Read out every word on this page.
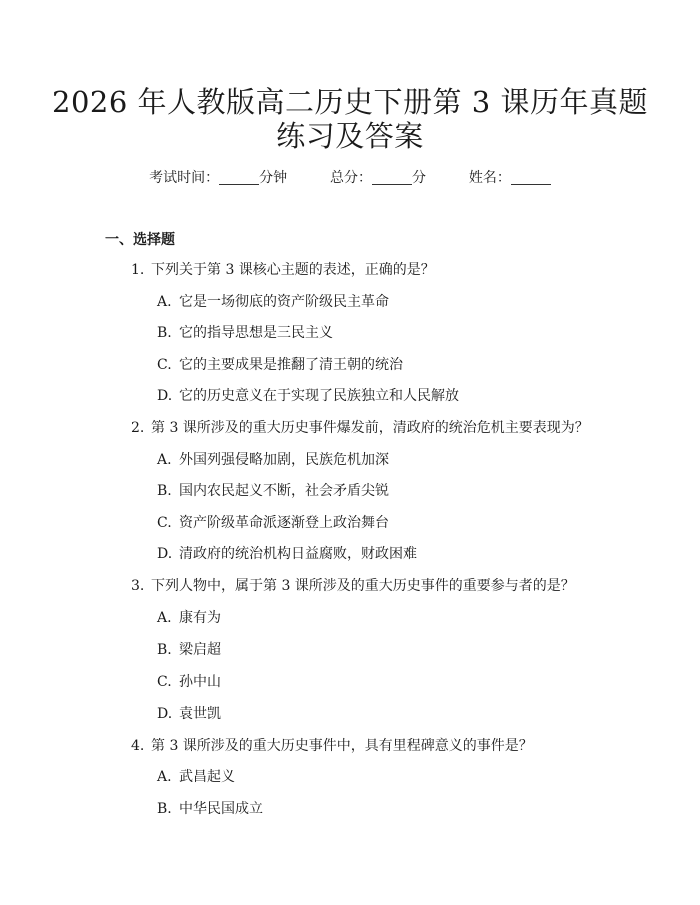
2026 年人教版高二历史下册第 3 课历年真题
练习及答案
考试时间：	分钟	总分：	分	姓名：
一、选择题
1. 下列关于第 3 课核心主题的表述，正确的是？
A. 它是一场彻底的资产阶级民主革命
B. 它的指导思想是三民主义
C. 它的主要成果是推翻了清王朝的统治
D. 它的历史意义在于实现了民族独立和人民解放
2. 第 3 课所涉及的重大历史事件爆发前，清政府的统治危机主要表现为？
A. 外国列强侵略加剧，民族危机加深
B. 国内农民起义不断，社会矛盾尖锐
C. 资产阶级革命派逐渐登上政治舞台
D. 清政府的统治机构日益腐败，财政困难
3. 下列人物中，属于第 3 课所涉及的重大历史事件的重要参与者的是？
A. 康有为
B. 梁启超
C. 孙中山
D. 袁世凯
4. 第 3 课所涉及的重大历史事件中，具有里程碑意义的事件是？
A. 武昌起义
B. 中华民国成立
